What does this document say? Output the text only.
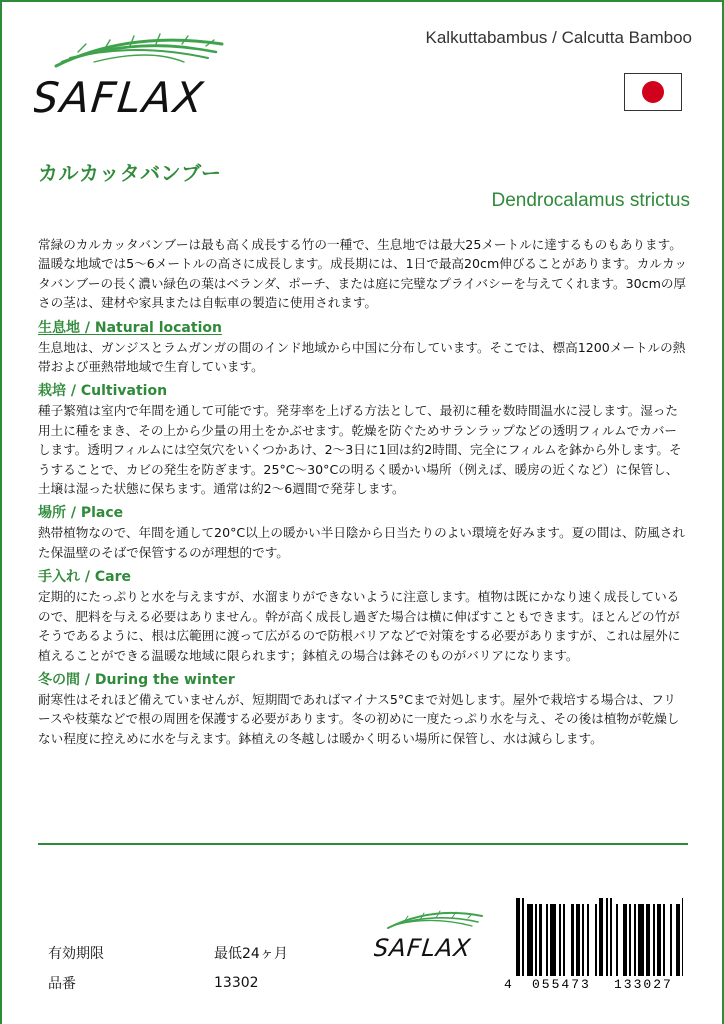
SAFLAX
Kalkuttabambus / Calcutta Bamboo
カルカッタバンブー
Dendrocalamus strictus

常緑のカルカッタバンブーは最も高く成長する竹の一種で、生息地では最大25メートルに達するものもあります。温暖な地域では5〜6メートルの高さに成長します。成長期には、1日で最高20cm伸びることがあります。カルカッタバンブーの長く濃い緑色の葉はベランダ、ポーチ、または庭に完璧なプライバシーを与えてくれます。30cmの厚さの茎は、建材や家具または自転車の製造に使用されます。

生息地 / Natural location

生息地は、ガンジスとラムガンガの間のインド地域から中国に分布しています。そこでは、標高1200メートルの熱帯および亜熱帯地域で生育しています。

栽培 / Cultivation

種子繁殖は室内で年間を通して可能です。発芽率を上げる方法として、最初に種を数時間温水に浸します。湿った用土に種をまき、その上から少量の用土をかぶせます。乾燥を防ぐためサランラップなどの透明フィルムでカバーします。透明フィルムには空気穴をいくつかあけ、2～3日に1回は約2時間、完全にフィルムを鉢から外します。そうすることで、カビの発生を防ぎます。25°C〜30°Cの明るく暖かい場所（例えば、暖房の近くなど）に保管し、土壌は湿った状態に保ちます。通常は約2～6週間で発芽します。

場所 / Place

熱帯植物なので、年間を通して20°C以上の暖かい半日陰から日当たりのよい環境を好みます。夏の間は、防風された保温壁のそばで保管するのが理想的です。

手入れ / Care

定期的にたっぷりと水を与えますが、水溜まりができないように注意します。植物は既にかなり速く成長しているので、肥料を与える必要はありません。幹が高く成長し過ぎた場合は横に伸ばすこともできます。ほとんどの竹がそうであるように、根は広範囲に渡って広がるので防根バリアなどで対策をする必要がありますが、これは屋外に植えることができる温暖な地域に限られます；鉢植えの場合は鉢そのものがバリアになります。

冬の間 / During the winter

耐寒性はそれほど備えていませんが、短期間であればマイナス5°Cまで対処します。屋外で栽培する場合は、フリースや枝葉などで根の周囲を保護する必要があります。冬の初めに一度たっぷり水を与え、その後は植物が乾燥しない程度に控えめに水を与えます。鉢植えの冬越しは暖かく明るい場所に保管し、水は減らします。

有効期限	最低24ヶ月
品番	13302
SAFLAX
4 055473 133027
